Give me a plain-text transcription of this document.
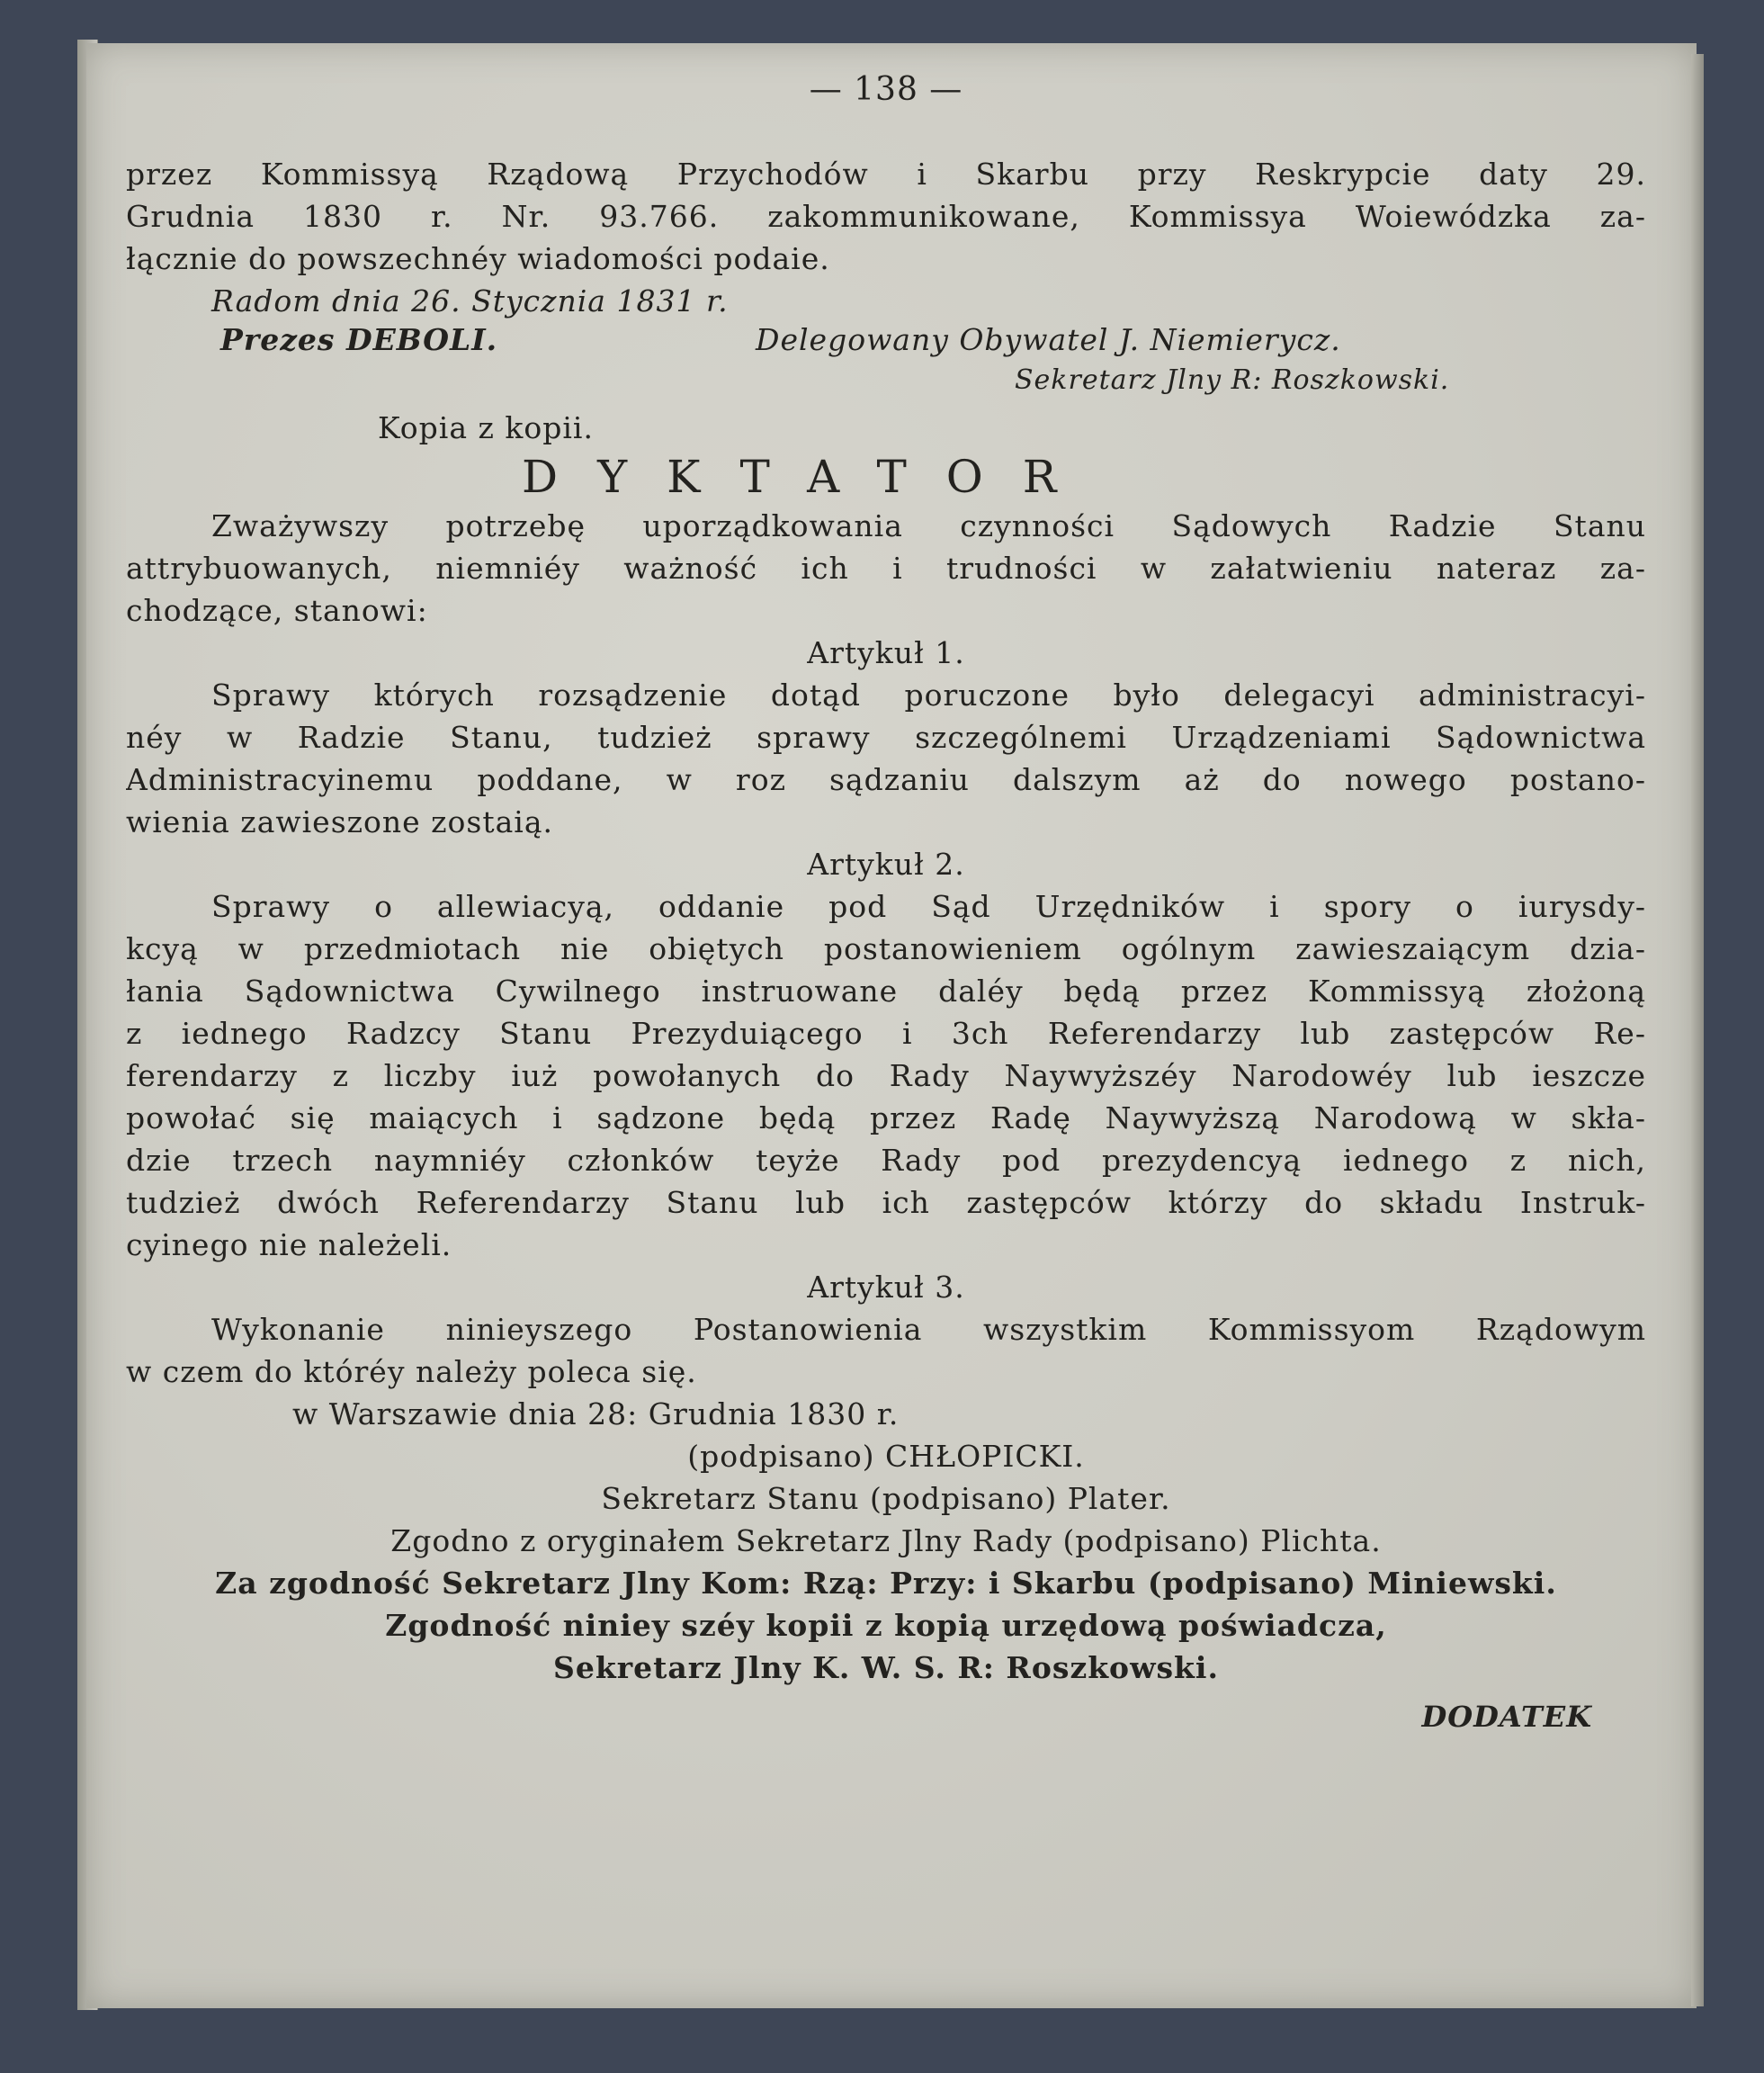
— 138 —
przez Kommissyą Rządową Przychodów i Skarbu przy Reskrypcie daty 29.
Grudnia 1830 r. Nr. 93.766. zakommunikowane, Kommissya Woiewódzka za-
łącznie do powszechnéy wiadomości podaie.
Radom dnia 26. Stycznia 1831 r.
Prezes DEBOLI.	Delegowany Obywatel J. Niemierycz.
Sekretarz Jlny R: Roszkowski.
Kopia z kopii.
DYKTATOR
Zważywszy potrzebę uporządkowania czynności Sądowych Radzie Stanu
attrybuowanych, niemniéy ważność ich i trudności w załatwieniu nateraz za-
chodzące, stanowi:
Artykuł 1.
Sprawy których rozsądzenie dotąd poruczone było delegacyi administracyi-
néy w Radzie Stanu, tudzież sprawy szczególnemi Urządzeniami Sądownictwa
Administracyinemu poddane, w roz sądzaniu dalszym aż do nowego postano-
wienia zawieszone zostaią.
Artykuł 2.
Sprawy o allewiacyą, oddanie pod Sąd Urzędników i spory o iurysdy-
kcyą w przedmiotach nie obiętych postanowieniem ogólnym zawieszaiącym dzia-
łania Sądownictwa Cywilnego instruowane daléy będą przez Kommissyą złożoną
z iednego Radzcy Stanu Prezyduiącego i 3ch Referendarzy lub zastępców Re-
ferendarzy z liczby iuż powołanych do Rady Naywyższéy Narodowéy lub ieszcze
powołać się maiących i sądzone będą przez Radę Naywyższą Narodową w skła-
dzie trzech naymniéy członków teyże Rady pod prezydencyą iednego z nich,
tudzież dwóch Referendarzy Stanu lub ich zastępców którzy do składu Instruk-
cyinego nie należeli.
Artykuł 3.
Wykonanie ninieyszego Postanowienia wszystkim Kommissyom Rządowym
w czem do któréy należy poleca się.
w Warszawie dnia 28: Grudnia 1830 r.
(podpisano) CHŁOPICKI.
Sekretarz Stanu (podpisano) Plater.
Zgodno z oryginałem Sekretarz Jlny Rady (podpisano) Plichta.
Za zgodność Sekretarz Jlny Kom: Rzą: Przy: i Skarbu (podpisano) Miniewski.
Zgodność niniey széy kopii z kopią urzędową poświadcza,
Sekretarz Jlny K. W. S. R: Roszkowski.
DODATEK
